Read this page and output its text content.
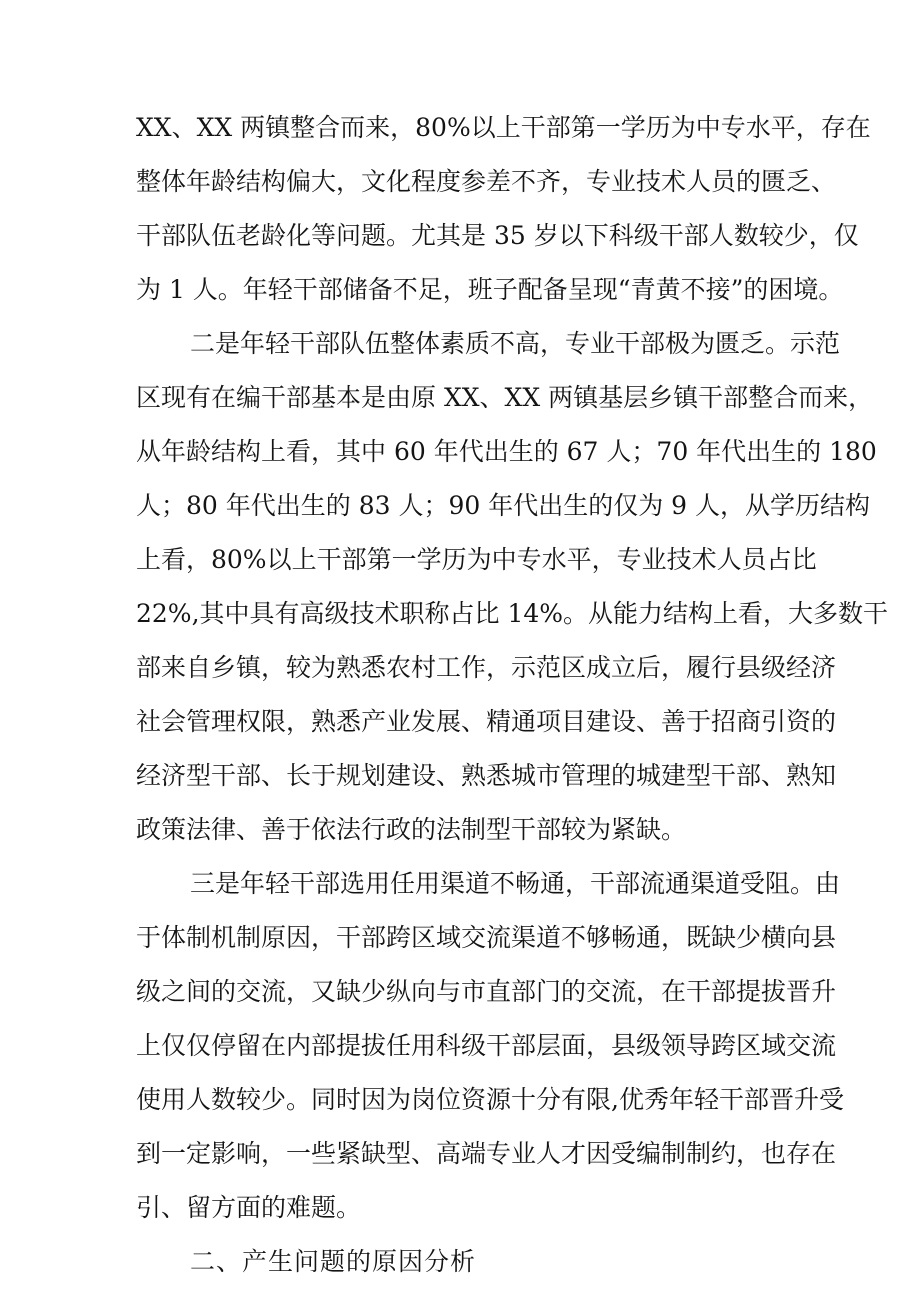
XX、XX 两镇整合而来，80%以上干部第一学历为中专水平，存在
整体年龄结构偏大，文化程度参差不齐，专业技术人员的匮乏、
干部队伍老龄化等问题。尤其是 35 岁以下科级干部人数较少，仅
为 1 人。年轻干部储备不足，班子配备呈现“青黄不接”的困境。
二是年轻干部队伍整体素质不高，专业干部极为匮乏。示范
区现有在编干部基本是由原 XX、XX 两镇基层乡镇干部整合而来，
从年龄结构上看，其中 60 年代出生的 67 人；70 年代出生的 180
人；80 年代出生的 83 人；90 年代出生的仅为 9 人，从学历结构
上看，80%以上干部第一学历为中专水平，专业技术人员占比
22%,其中具有高级技术职称占比 14%。从能力结构上看，大多数干
部来自乡镇，较为熟悉农村工作，示范区成立后，履行县级经济
社会管理权限，熟悉产业发展、精通项目建设、善于招商引资的
经济型干部、长于规划建设、熟悉城市管理的城建型干部、熟知
政策法律、善于依法行政的法制型干部较为紧缺。
三是年轻干部选用任用渠道不畅通，干部流通渠道受阻。由
于体制机制原因，干部跨区域交流渠道不够畅通，既缺少横向县
级之间的交流，又缺少纵向与市直部门的交流，在干部提拔晋升
上仅仅停留在内部提拔任用科级干部层面，县级领导跨区域交流
使用人数较少。同时因为岗位资源十分有限,优秀年轻干部晋升受
到一定影响，一些紧缺型、高端专业人才因受编制制约，也存在
引、留方面的难题。
二、产生问题的原因分析
